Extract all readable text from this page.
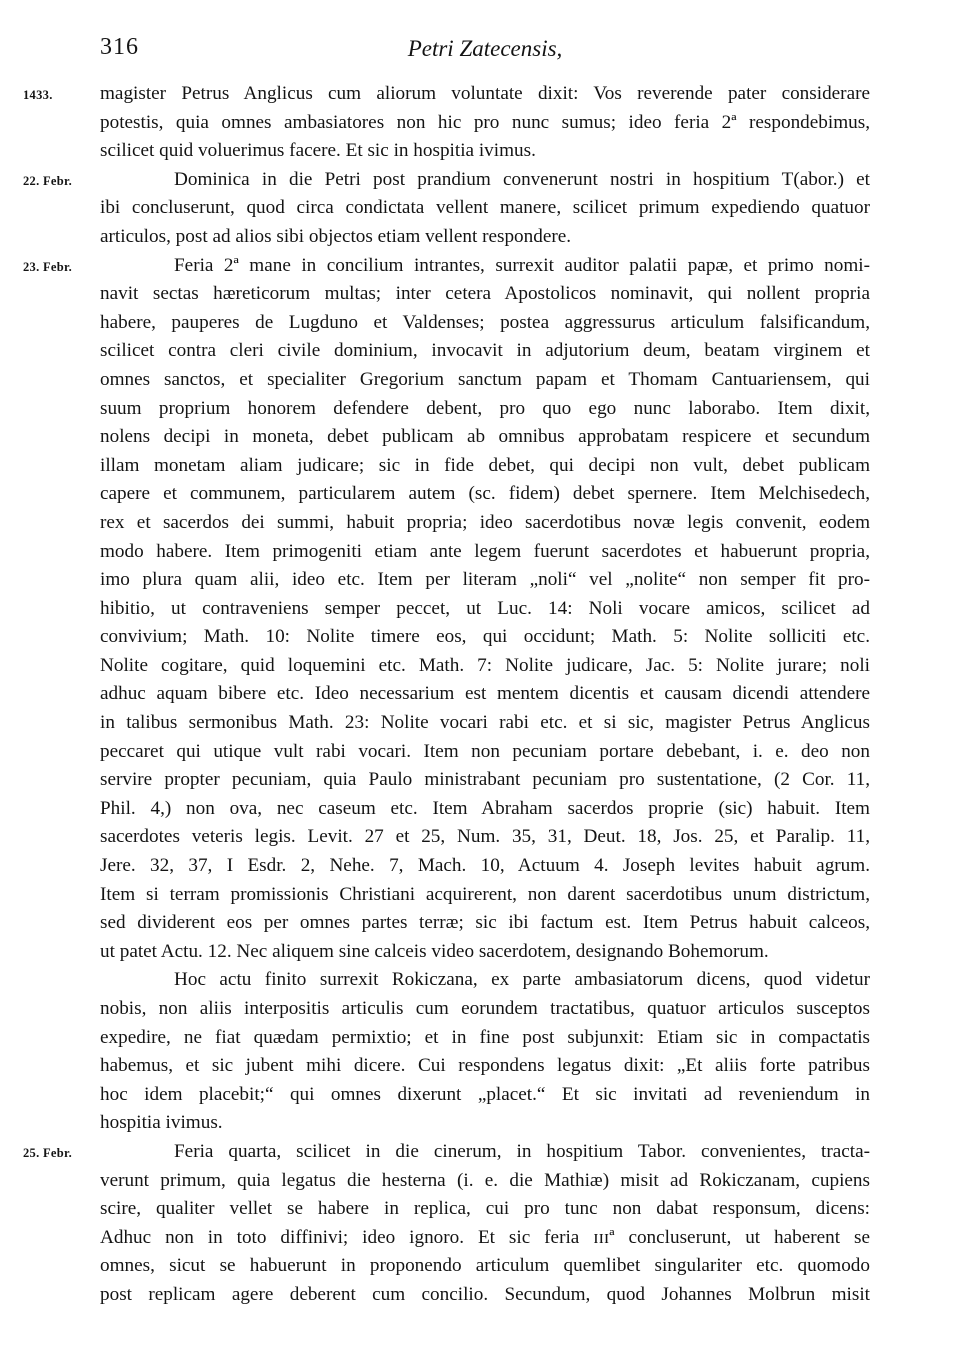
316	Petri Zatecensis,
1433. magister Petrus Anglicus cum aliorum voluntate dixit: Vos reverende pater considerare
potestis, quia omnes ambasiatores non hic pro nunc sumus; ideo feria 2ª respondebimus,
scilicet quid voluerimus facere. Et sic in hospitia ivimus.
22. Febr.	Dominica in die Petri post prandium convenerunt nostri in hospitium T(abor.) et
ibi concluserunt, quod circa condictata vellent manere, scilicet primum expediendo quatuor
articulos, post ad alios sibi objectos etiam vellent respondere.
23. Febr.	Feria 2ª mane in concilium intrantes, surrexit auditor palatii papæ, et primo nomi-
navit sectas hæreticorum multas; inter cetera Apostolicos nominavit, qui nollent propria
habere, pauperes de Lugduno et Valdenses; postea aggressurus articulum falsificandum,
scilicet contra cleri civile dominium, invocavit in adjutorium deum, beatam virginem et
omnes sanctos, et specialiter Gregorium sanctum papam et Thomam Cantuariensem, qui
suum proprium honorem defendere debent, pro quo ego nunc laborabo. Item dixit,
nolens decipi in moneta, debet publicam ab omnibus approbatam respicere et secundum
illam monetam aliam judicare; sic in fide debet, qui decipi non vult, debet publicam
capere et communem, particularem autem (sc. fidem) debet spernere. Item Melchisedech,
rex et sacerdos dei summi, habuit propria; ideo sacerdotibus novæ legis convenit, eodem
modo habere. Item primogeniti etiam ante legem fuerunt sacerdotes et habuerunt propria,
imo plura quam alii, ideo etc. Item per literam „noli“ vel „nolite“ non semper fit pro-
hibitio, ut contraveniens semper peccet, ut Luc. 14: Noli vocare amicos, scilicet ad
convivium; Math. 10: Nolite timere eos, qui occidunt; Math. 5: Nolite solliciti etc.
Nolite cogitare, quid loquemini etc. Math. 7: Nolite judicare, Jac. 5: Nolite jurare; noli
adhuc aquam bibere etc. Ideo necessarium est mentem dicentis et causam dicendi attendere
in talibus sermonibus Math. 23: Nolite vocari rabi etc. et si sic, magister Petrus Anglicus
peccaret qui utique vult rabi vocari. Item non pecuniam portare debebant, i. e. deo non
servire propter pecuniam, quia Paulo ministrabant pecuniam pro sustentatione, (2 Cor. 11,
Phil. 4,) non ova, nec caseum etc. Item Abraham sacerdos proprie (sic) habuit. Item
sacerdotes veteris legis. Levit. 27 et 25, Num. 35, 31, Deut. 18, Jos. 25, et Paralip. 11,
Jere. 32, 37, I Esdr. 2, Nehe. 7, Mach. 10, Actuum 4. Joseph levites habuit agrum.
Item si terram promissionis Christiani acquirerent, non darent sacerdotibus unum districtum,
sed dividerent eos per omnes partes terræ; sic ibi factum est. Item Petrus habuit calceos,
ut patet Actu. 12. Nec aliquem sine calceis video sacerdotem, designando Bohemorum.
Hoc actu finito surrexit Rokiczana, ex parte ambasiatorum dicens, quod videtur
nobis, non aliis interpositis articulis cum eorundem tractatibus, quatuor articulos susceptos
expedire, ne fiat quædam permixtio; et in fine post subjunxit: Etiam sic in compactatis
habemus, et sic jubent mihi dicere. Cui respondens legatus dixit: „Et aliis forte patribus
hoc idem placebit;“ qui omnes dixerunt „placet.“ Et sic invitati ad reveniendum in
hospitia ivimus.
25. Febr.	Feria quarta, scilicet in die cinerum, in hospitium Tabor. convenientes, tracta-
verunt primum, quia legatus die hesterna (i. e. die Mathiæ) misit ad Rokiczanam, cupiens
scire, qualiter vellet se habere in replica, cui pro tunc non dabat responsum, dicens:
Adhuc non in toto diffinivi; ideo ignoro. Et sic feria ɪɪɪª concluserunt, ut haberent se
omnes, sicut se habuerunt in proponendo articulum quemlibet singulariter etc. quomodo
post replicam agere deberent cum concilio. Secundum, quod Johannes Molbrun misit
